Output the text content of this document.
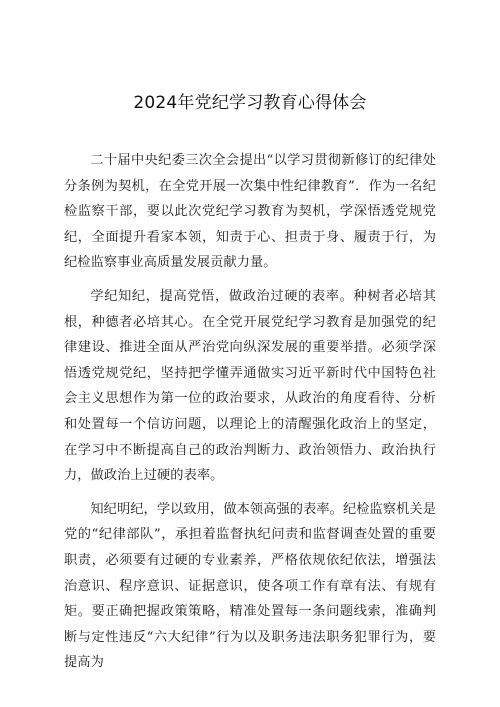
2024年党纪学习教育心得体会

二十届中央纪委三次全会提出“以学习贯彻新修订的纪律处分条例为契机，在全党开展一次集中性纪律教育”．作为一名纪检监察干部，要以此次党纪学习教育为契机，学深悟透党规党纪，全面提升看家本领，知责于心、担责于身、履责于行，为纪检监察事业高质量发展贡献力量。

学纪知纪，提高党悟，做政治过硬的表率。种树者必培其根，种德者必培其心。在全党开展党纪学习教育是加强党的纪律建设、推进全面从严治党向纵深发展的重要举措。必须学深悟透党规党纪，坚持把学懂弄通做实习近平新时代中国特色社会主义思想作为第一位的政治要求，从政治的角度看待、分析和处置每一个信访问题，以理论上的清醒强化政治上的坚定，在学习中不断提高自己的政治判断力、政治领悟力、政治执行力，做政治上过硬的表率。

知纪明纪，学以致用，做本领高强的表率。纪检监察机关是党的“纪律部队”，承担着监督执纪问责和监督调查处置的重要职责，必须要有过硬的专业素养，严格依规依纪依法，增强法治意识、程序意识、证据意识，使各项工作有章有法、有规有矩。要正确把握政策策略，精准处置每一条问题线索，准确判断与定性违反“六大纪律”行为以及职务违法职务犯罪行为，要提高为
